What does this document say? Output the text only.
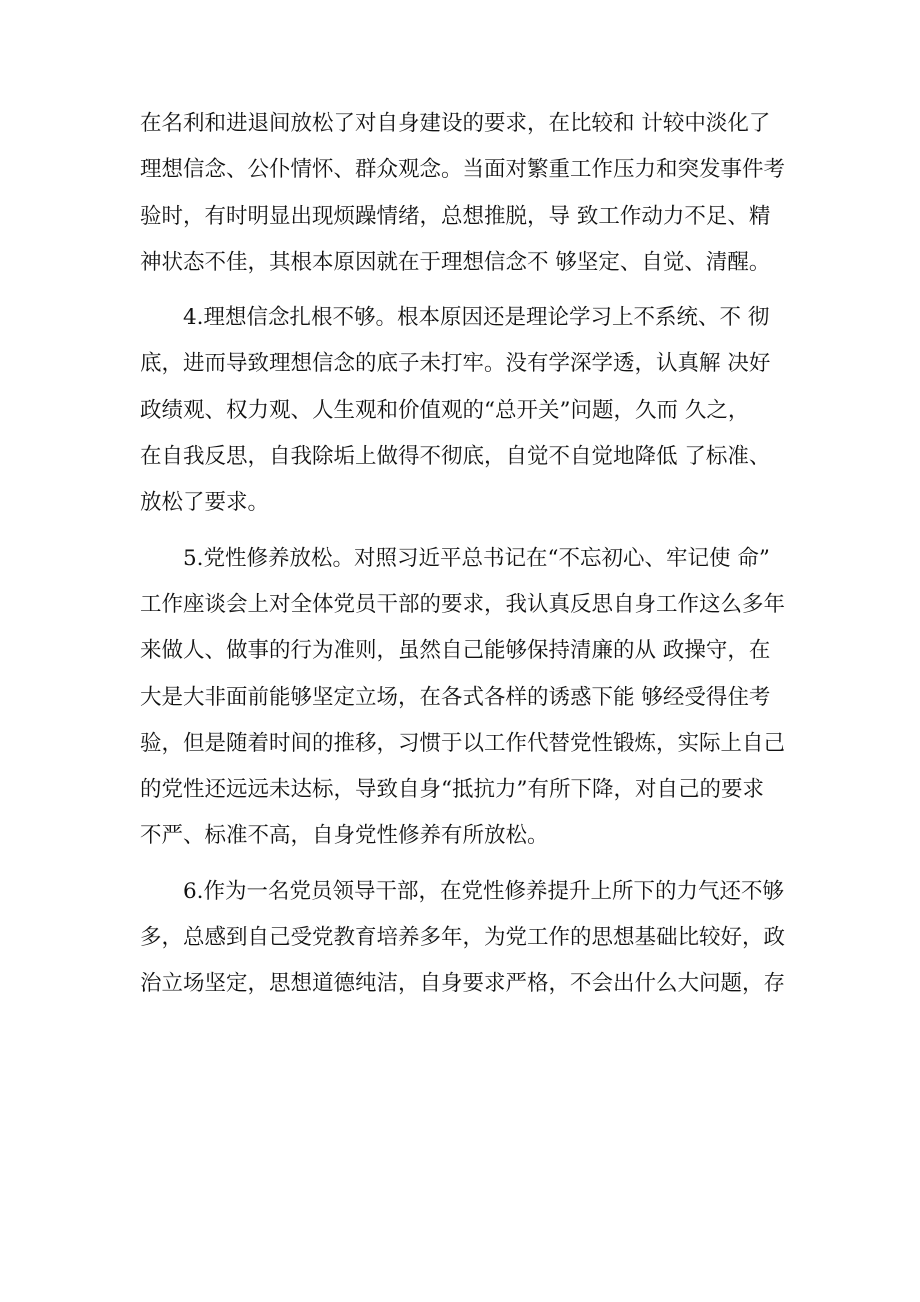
在名利和进退间放松了对自身建设的要求，在比较和 计较中淡化了
理想信念、公仆情怀、群众观念。当面对繁重工作压力和突发事件考
验时，有时明显出现烦躁情绪，总想推脱，导 致工作动力不足、精
神状态不佳，其根本原因就在于理想信念不 够坚定、自觉、清醒。
4.理想信念扎根不够。根本原因还是理论学习上不系统、不 彻
底，进而导致理想信念的底子未打牢。没有学深学透，认真解 决好
政绩观、权力观、人生观和价值观的“总开关”问题，久而 久之，
在自我反思，自我除垢上做得不彻底，自觉不自觉地降低 了标准、
放松了要求。
5.党性修养放松。对照习近平总书记在“不忘初心、牢记使 命”
工作座谈会上对全体党员干部的要求，我认真反思自身工作这么多年
来做人、做事的行为准则，虽然自己能够保持清廉的从 政操守，在
大是大非面前能够坚定立场，在各式各样的诱惑下能 够经受得住考
验，但是随着时间的推移，习惯于以工作代替党性锻炼，实际上自己
的党性还远远未达标，导致自身“抵抗力”有所下降，对自己的要求
不严、标准不高，自身党性修养有所放松。
6.作为一名党员领导干部，在党性修养提升上所下的力气还不够
多，总感到自己受党教育培养多年，为党工作的思想基础比较好，政
治立场坚定，思想道德纯洁，自身要求严格，不会出什么大问题，存
